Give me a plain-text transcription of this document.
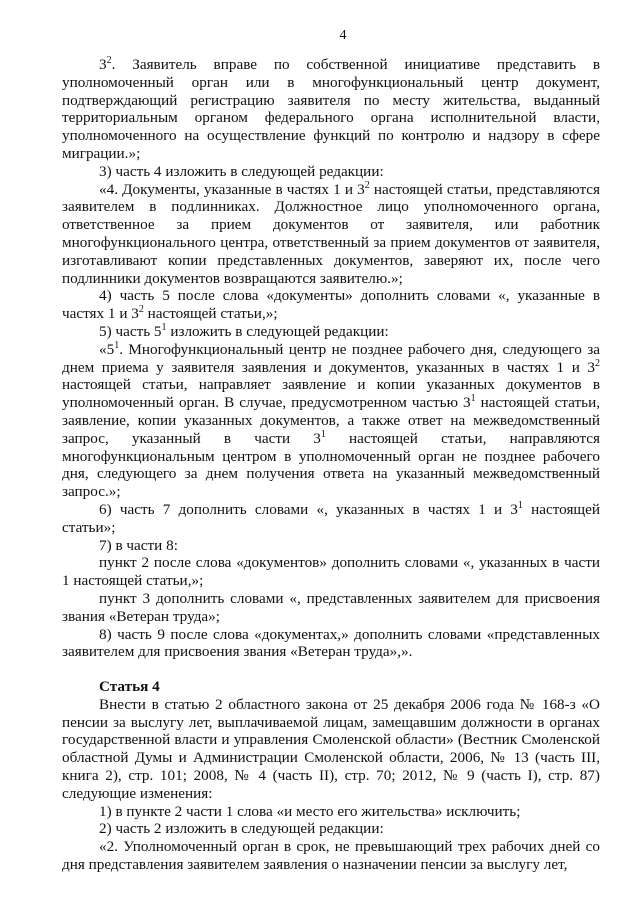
4

$3^2$. Заявитель вправе по собственной инициативе представить в уполномоченный орган или в многофункциональный центр документ, подтверждающий регистрацию заявителя по месту жительства, выданный территориальным органом федерального органа исполнительной власти, уполномоченного на осуществление функций по контролю и надзору в сфере миграции.»;

3) часть 4 изложить в следующей редакции:

«4. Документы, указанные в частях 1 и $3^2$ настоящей статьи, представляются заявителем в подлинниках. Должностное лицо уполномоченного органа, ответственное за прием документов от заявителя, или работник многофункционального центра, ответственный за прием документов от заявителя, изготавливают копии представленных документов, заверяют их, после чего подлинники документов возвращаются заявителю.»;

4) часть 5 после слова «документы» дополнить словами «, указанные в частях 1 и $3^2$ настоящей статьи,»;

5) часть $5^1$ изложить в следующей редакции:

«$5^1$. Многофункциональный центр не позднее рабочего дня, следующего за днем приема у заявителя заявления и документов, указанных в частях 1 и $3^2$ настоящей статьи, направляет заявление и копии указанных документов в уполномоченный орган. В случае, предусмотренном частью $3^1$ настоящей статьи, заявление, копии указанных документов, а также ответ на межведомственный запрос, указанный в части $3^1$ настоящей статьи, направляются многофункциональным центром в уполномоченный орган не позднее рабочего дня, следующего за днем получения ответа на указанный межведомственный запрос.»;

6) часть 7 дополнить словами «, указанных в частях 1 и $3^1$ настоящей статьи»;

7) в части 8:

пункт 2 после слова «документов» дополнить словами «, указанных в части 1 настоящей статьи,»;

пункт 3 дополнить словами «, представленных заявителем для присвоения звания «Ветеран труда»;

8) часть 9 после слова «документах,» дополнить словами «представленных заявителем для присвоения звания «Ветеран труда»,».

Статья 4

Внести в статью 2 областного закона от 25 декабря 2006 года № 168-з «О пенсии за выслугу лет, выплачиваемой лицам, замещавшим должности в органах государственной власти и управления Смоленской области» (Вестник Смоленской областной Думы и Администрации Смоленской области, 2006, № 13 (часть III, книга 2), стр. 101; 2008, № 4 (часть II), стр. 70; 2012, № 9 (часть I), стр. 87) следующие изменения:

1) в пункте 2 части 1 слова «и место его жительства» исключить;

2) часть 2 изложить в следующей редакции:

«2. Уполномоченный орган в срок, не превышающий трех рабочих дней со дня представления заявителем заявления о назначении пенсии за выслугу лет,
